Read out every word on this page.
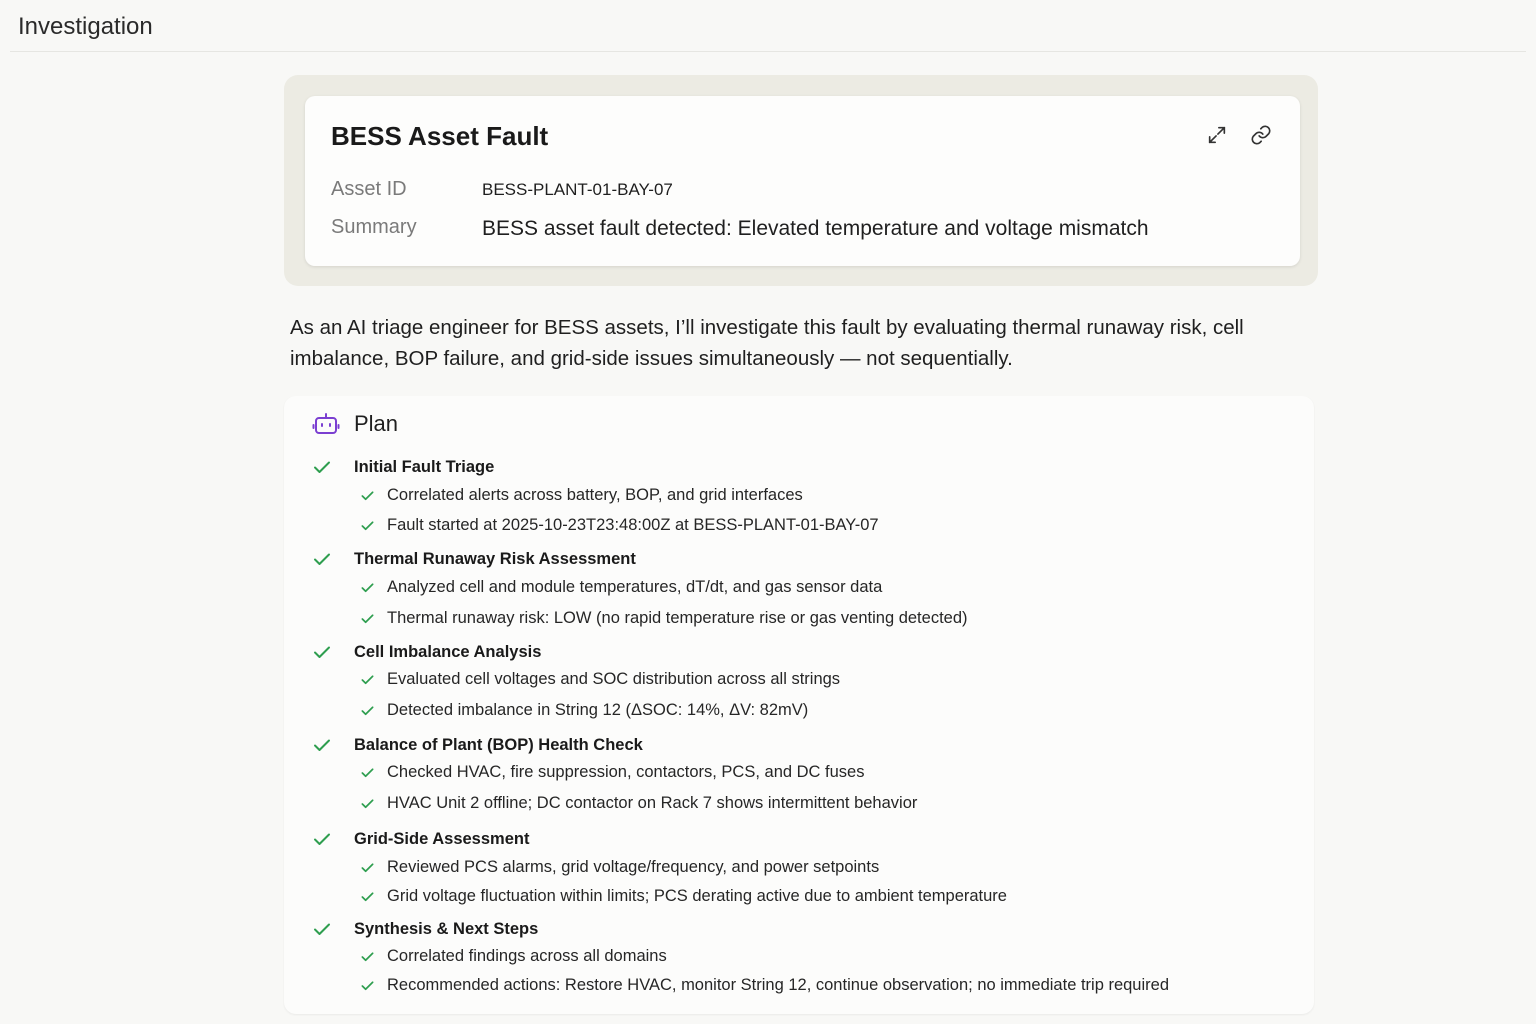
Investigation
BESS Asset Fault
Asset ID	BESS-PLANT-01-BAY-07
Summary	BESS asset fault detected: Elevated temperature and voltage mismatch
As an AI triage engineer for BESS assets, I’ll investigate this fault by evaluating thermal runaway risk, cell imbalance, BOP failure, and grid-side issues simultaneously — not sequentially.
Plan
Initial Fault Triage
Correlated alerts across battery, BOP, and grid interfaces
Fault started at 2025-10-23T23:48:00Z at BESS-PLANT-01-BAY-07
Thermal Runaway Risk Assessment
Analyzed cell and module temperatures, dT/dt, and gas sensor data
Thermal runaway risk: LOW (no rapid temperature rise or gas venting detected)
Cell Imbalance Analysis
Evaluated cell voltages and SOC distribution across all strings
Detected imbalance in String 12 (ΔSOC: 14%, ΔV: 82mV)
Balance of Plant (BOP) Health Check
Checked HVAC, fire suppression, contactors, PCS, and DC fuses
HVAC Unit 2 offline; DC contactor on Rack 7 shows intermittent behavior
Grid-Side Assessment
Reviewed PCS alarms, grid voltage/frequency, and power setpoints
Grid voltage fluctuation within limits; PCS derating active due to ambient temperature
Synthesis & Next Steps
Correlated findings across all domains
Recommended actions: Restore HVAC, monitor String 12, continue observation; no immediate trip required
